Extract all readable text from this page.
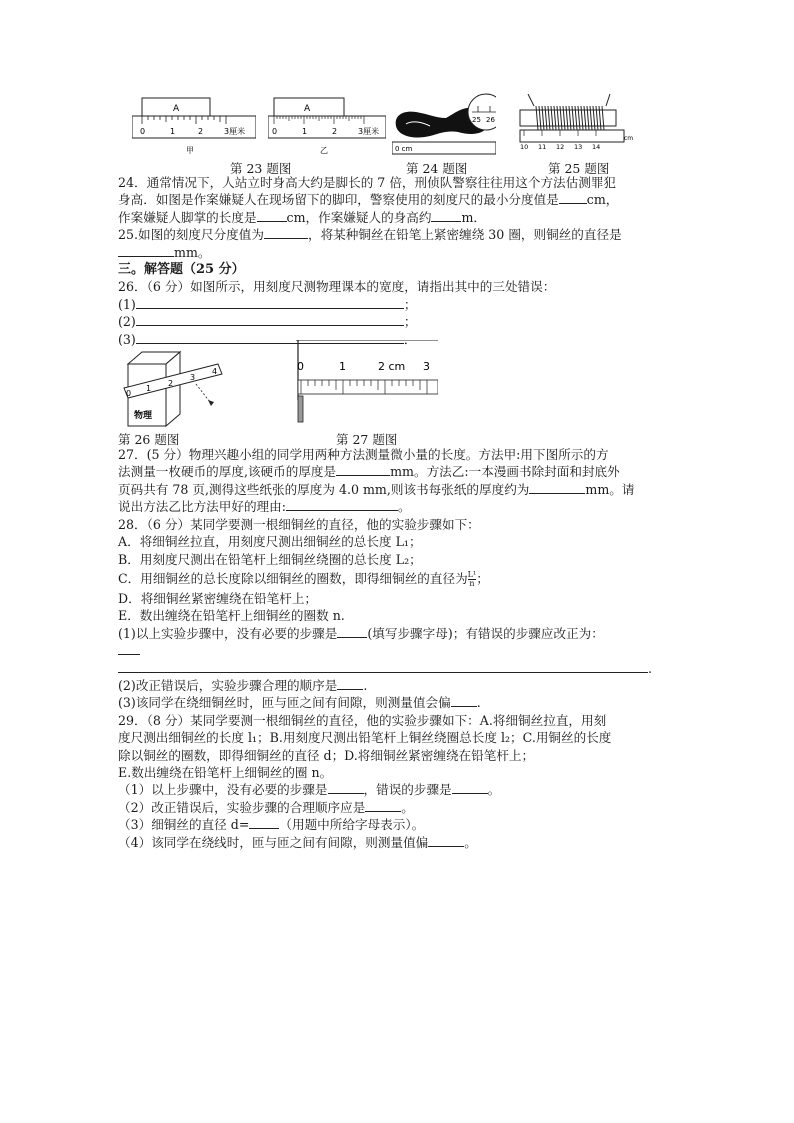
A
0	1	2	3厘米
甲
A
0	1	2	3厘米
乙
25 26
0 cm	10 11 12 13 14
cm
第 23 题图	第 24 题图	第 25 题图
24．通常情况下，人站立时身高大约是脚长的 7 倍，刑侦队警察往往用这个方法估测罪犯
身高．如图是作案嫌疑人在现场留下的脚印，警察使用的刻度尺的最小分度值是 cm，
作案嫌疑人脚掌的长度是 cm，作案嫌疑人的身高约 m．
25.如图的刻度尺分度值为	，将某种铜丝在铅笔上紧密缠绕 30 圈，则铜丝的直径是
mm。
三。解答题（25 分）
26．（6 分）如图所示，用刻度尺测物理课本的宽度，请指出其中的三处错误：
(1)	；
(2)	；
(3)	．
物理
0
1
2
3
4	0	1	2 cm 3
第 26 题图	第 27 题图
27．(5 分）物理兴趣小组的同学用两种方法测量微小量的长度。方法甲:用下图所示的方
法测量一枚硬币的厚度,该硬币的厚度是	mm。方法乙:一本漫画书除封面和封底外
页码共有 78 页,测得这些纸张的厚度为 4.0 mm,则该书每张纸的厚度约为	mm。请
说出方法乙比方法甲好的理由:	。
28．（6 分）某同学要测一根细铜丝的直径，他的实验步骤如下：
A．将细铜丝拉直，用刻度尺测出细铜丝的总长度 L₁；
B．用刻度尺测出在铅笔杆上细铜丝绕圈的总长度 L₂；
C．用细铜丝的总长度除以细铜丝的圈数，即得细铜丝的直径为 $\frac{\text{L¹}}{n}$ ；
D．将细铜丝紧密缠绕在铅笔杆上；
E．数出缠绕在铅笔杆上细铜丝的圈数 n.
(1)以上实验步骤中，没有必要的步骤是 (填写步骤字母)；有错误的步骤应改正为：
.
(2)改正错误后，实验步骤合理的顺序是 .
(3)该同学在绕细铜丝时，匝与匝之间有间隙，则测量值会偏 .
29．（8 分）某同学要测一根细铜丝的直径，他的实验步骤如下：A.将细铜丝拉直，用刻
度尺测出细铜丝的长度 l₁；B.用刻度尺测出铅笔杆上铜丝绕圈总长度 l₂；C.用铜丝的长度
除以铜丝的圈数，即得细铜丝的直径 d；D.将细铜丝紧密缠绕在铅笔杆上；
E.数出缠绕在铅笔杆上细铜丝的圈 n。
（1）以上步骤中，没有必要的步骤是	，错误的步骤是	。
（2）改正错误后，实验步骤的合理顺序应是	。
（3）细铜丝的直径 d= （用题中所给字母表示）。
（4）该同学在绕线时，匝与匝之间有间隙，则测量值偏	。
